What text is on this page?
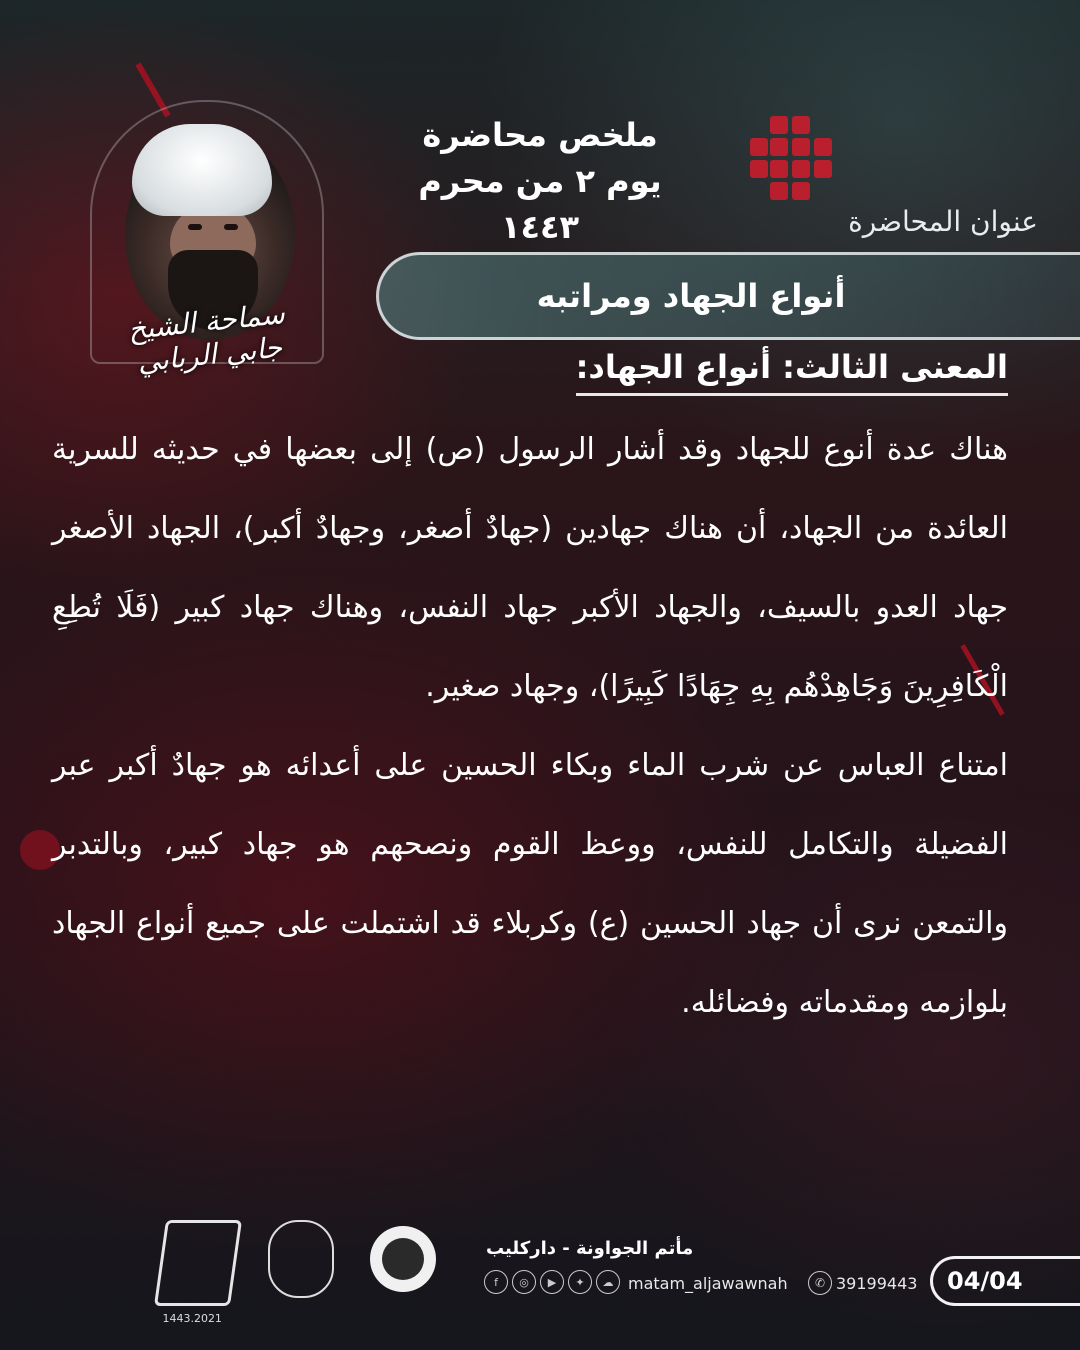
ملخص محاضرة
يوم ٢ من محرم ١٤٤٣	عنوان المحاضرة
أنواع الجهاد ومراتبه
سماحة الشيخ جابي الربابي	المعنى الثالث: أنواع الجهاد:

هناك عدة أنوع للجهاد وقد أشار الرسول (ص) إلى بعضها في حديثه للسرية العائدة من الجهاد، أن هناك جهادين (جهادٌ أصغر، وجهادٌ أكبر)، الجهاد الأصغر جهاد العدو بالسيف، والجهاد الأكبر جهاد النفس، وهناك جهاد كبير (فَلَا تُطِعِ الْكَافِرِينَ وَجَاهِدْهُم بِهِ جِهَادًا كَبِيرًا)، وجهاد صغير.

امتناع العباس عن شرب الماء وبكاء الحسين على أعدائه هو جهادٌ أكبر عبر الفضيلة والتكامل للنفس، ووعظ القوم ونصحهم هو جهاد كبير، وبالتدبر والتمعن نرى أن جهاد الحسين (ع) وكربلاء قد اشتملت على جميع أنواع الجهاد بلوازمه ومقدماته وفضائله.

1443.2021
مأتم الجواونة - داركليب
f	◎	▶	✦	☁ matam_aljawawnah	✆ 39199443 04/04
